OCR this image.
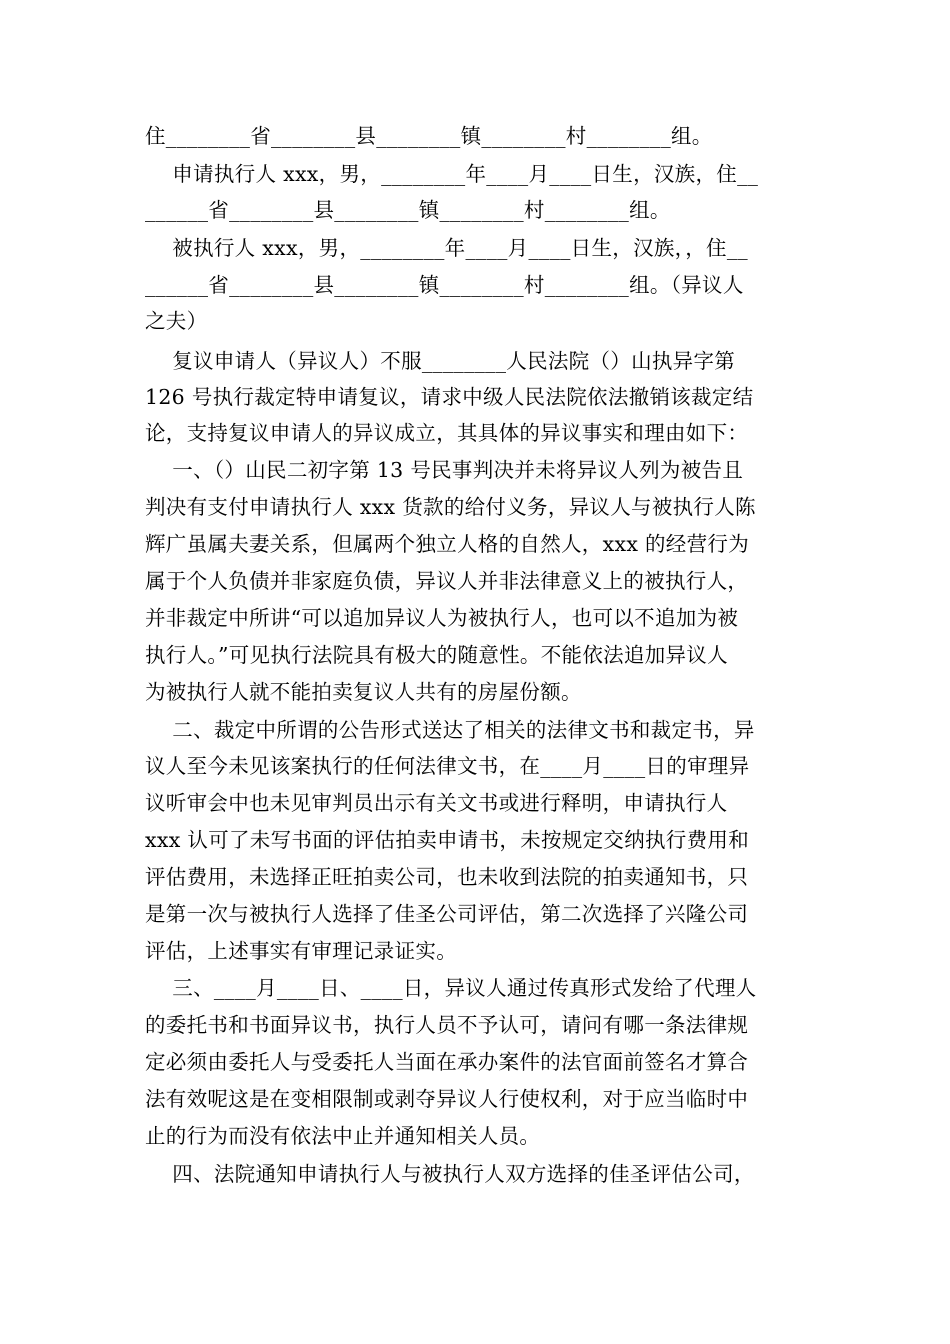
住________省________县________镇________村________组。
申请执行人 xxx，男，________年____月____日生，汉族，住__
______省________县________镇________村________组。
被执行人 xxx，男，________年____月____日生，汉族，，住__
______省________县________镇________村________组。（异议人
之夫）
复议申请人（异议人）不服________人民法院（）山执异字第
126 号执行裁定特申请复议，请求中级人民法院依法撤销该裁定结
论，支持复议申请人的异议成立，其具体的异议事实和理由如下：
一、（）山民二初字第 13 号民事判决并未将异议人列为被告且
判决有支付申请执行人 xxx 货款的给付义务，异议人与被执行人陈
辉广虽属夫妻关系，但属两个独立人格的自然人，xxx 的经营行为
属于个人负债并非家庭负债，异议人并非法律意义上的被执行人，
并非裁定中所讲“可以追加异议人为被执行人，也可以不追加为被
执行人。”可见执行法院具有极大的随意性。不能依法追加异议人
为被执行人就不能拍卖复议人共有的房屋份额。
二、裁定中所谓的公告形式送达了相关的法律文书和裁定书，异
议人至今未见该案执行的任何法律文书，在____月____日的审理异
议听审会中也未见审判员出示有关文书或进行释明，申请执行人
xxx 认可了未写书面的评估拍卖申请书，未按规定交纳执行费用和
评估费用，未选择正旺拍卖公司，也未收到法院的拍卖通知书，只
是第一次与被执行人选择了佳圣公司评估，第二次选择了兴隆公司
评估，上述事实有审理记录证实。
三、____月____日、____日，异议人通过传真形式发给了代理人
的委托书和书面异议书，执行人员不予认可，请问有哪一条法律规
定必须由委托人与受委托人当面在承办案件的法官面前签名才算合
法有效呢这是在变相限制或剥夺异议人行使权利，对于应当临时中
止的行为而没有依法中止并通知相关人员。
四、法院通知申请执行人与被执行人双方选择的佳圣评估公司，
